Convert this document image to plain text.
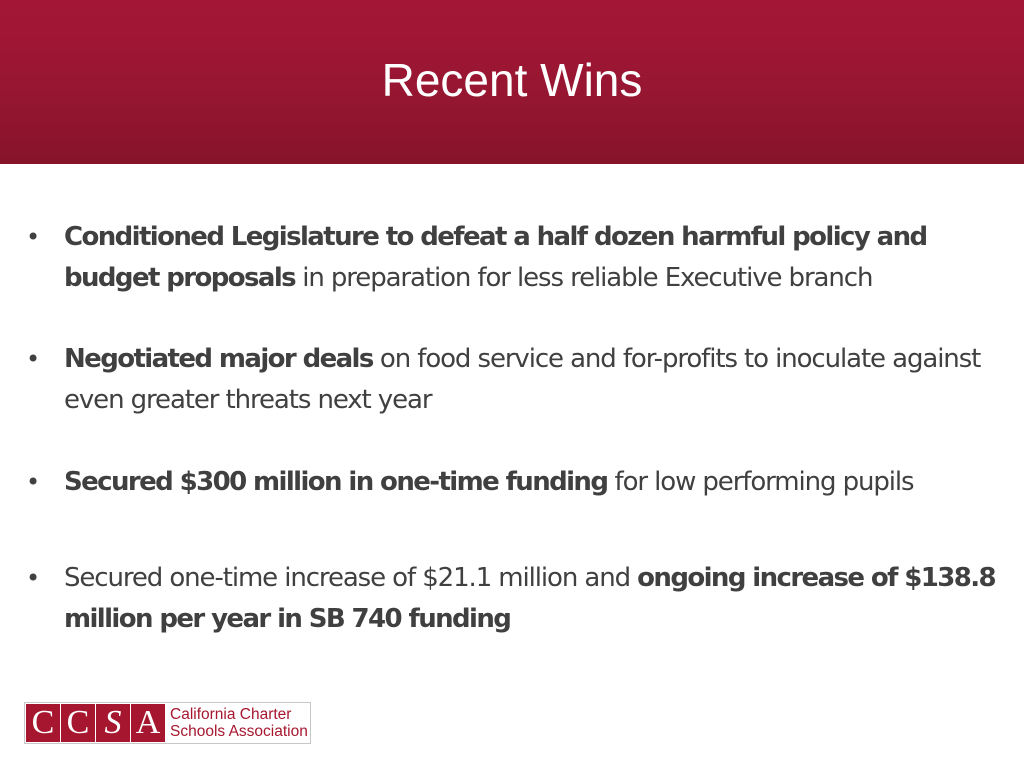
Recent Wins
• Conditioned Legislature to defeat a half dozen harmful policy and budget proposals in preparation for less reliable Executive branch
• Negotiated major deals on food service and for-profits to inoculate against even greater threats next year
• Secured $300 million in one-time funding for low performing pupils
• Secured one-time increase of $21.1 million and ongoing increase of $138.8 million per year in SB 740 funding
C C S A California Charter
Schools Association
